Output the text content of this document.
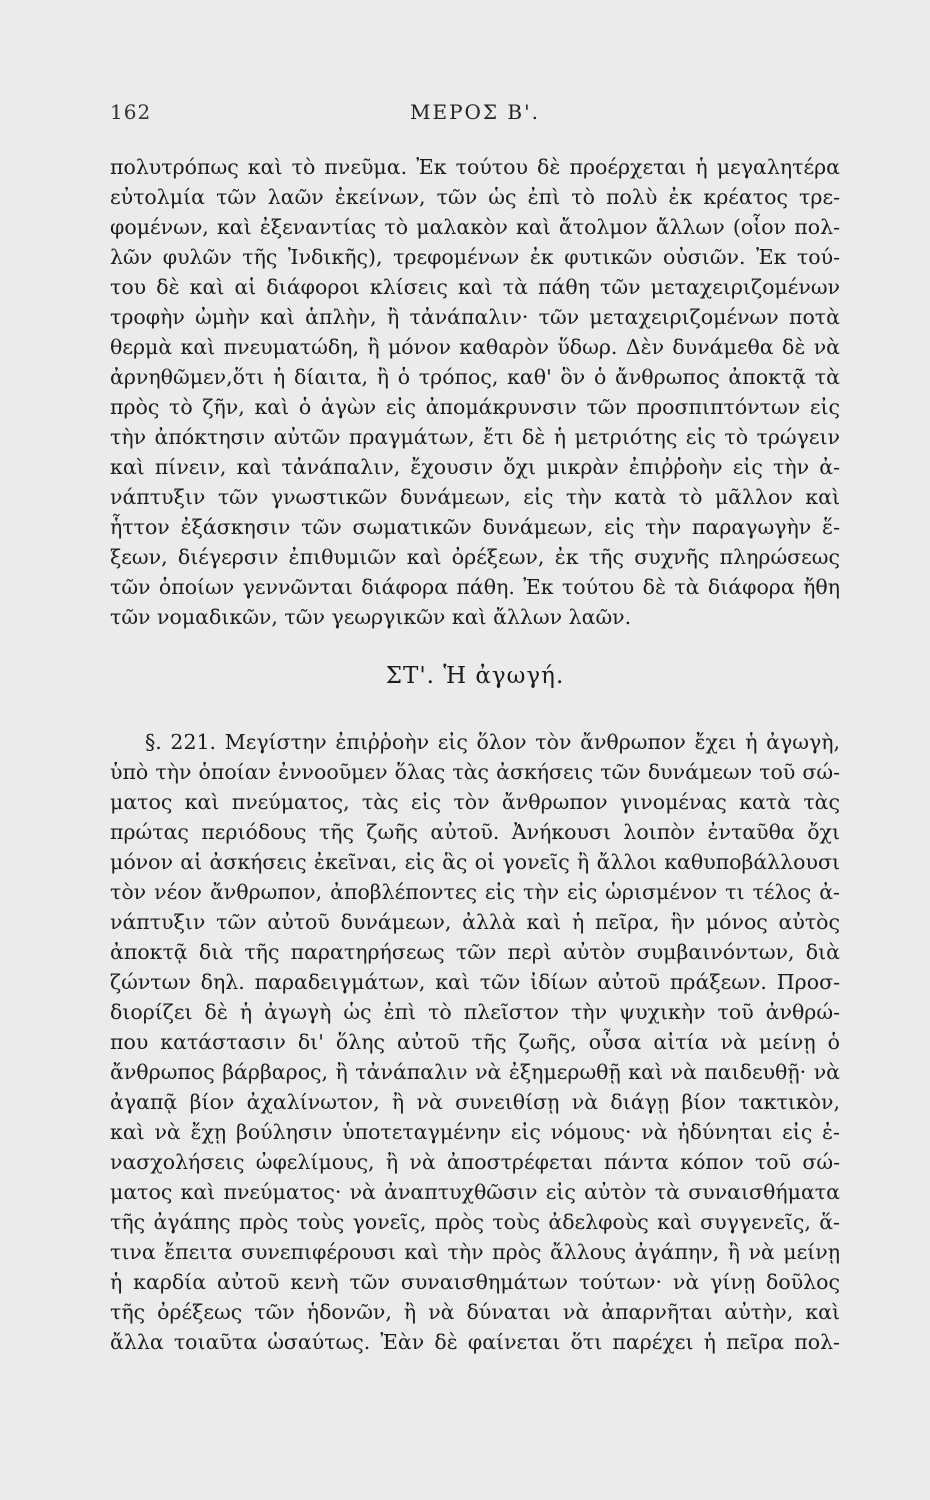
162	ΜΕΡΟΣ Β'.
πολυτρόπως καὶ τὸ πνεῦμα. Ἐκ τούτου δὲ προέρχεται ἡ μεγαλητέρα
εὐτολμία τῶν λαῶν ἐκείνων, τῶν ὡς ἐπὶ τὸ πολὺ ἐκ κρέατος τρε-
φομένων, καὶ ἐξεναντίας τὸ μαλακὸν καὶ ἄτολμον ἄλλων (οἷον πολ-
λῶν φυλῶν τῆς Ἰνδικῆς), τρεφομένων ἐκ φυτικῶν οὐσιῶν. Ἐκ τού-
του δὲ καὶ αἱ διάφοροι κλίσεις καὶ τὰ πάθη τῶν μεταχειριζομένων
τροφὴν ὠμὴν καὶ ἁπλὴν, ἢ τἀνάπαλιν· τῶν μεταχειριζομένων ποτὰ
θερμὰ καὶ πνευματώδη, ἢ μόνον καθαρὸν ὕδωρ. Δὲν δυνάμεθα δὲ νὰ
ἀρνηθῶμεν,ὅτι ἡ δίαιτα, ἢ ὁ τρόπος, καθ' ὃν ὁ ἄνθρωπος ἀποκτᾷ τὰ
πρὸς τὸ ζῆν, καὶ ὁ ἀγὼν εἰς ἀπομάκρυνσιν τῶν προσπιπτόντων εἰς
τὴν ἀπόκτησιν αὐτῶν πραγμάτων, ἔτι δὲ ἡ μετριότης εἰς τὸ τρώγειν
καὶ πίνειν, καὶ τἀνάπαλιν, ἔχουσιν ὄχι μικρὰν ἐπιῤῥοὴν εἰς τὴν ἀ-
νάπτυξιν τῶν γνωστικῶν δυνάμεων, εἰς τὴν κατὰ τὸ μᾶλλον καὶ
ἧττον ἐξάσκησιν τῶν σωματικῶν δυνάμεων, εἰς τὴν παραγωγὴν ἕ-
ξεων, διέγερσιν ἐπιθυμιῶν καὶ ὀρέξεων, ἐκ τῆς συχνῆς πληρώσεως
τῶν ὁποίων γεννῶνται διάφορα πάθη. Ἐκ τούτου δὲ τὰ διάφορα ἤθη
τῶν νομαδικῶν, τῶν γεωργικῶν καὶ ἄλλων λαῶν.
ΣΤ'. Ἡ ἀγωγή.
§. 221. Μεγίστην ἐπιῤῥοὴν εἰς ὅλον τὸν ἄνθρωπον ἔχει ἡ ἀγωγὴ,
ὑπὸ τὴν ὁποίαν ἐννοοῦμεν ὅλας τὰς ἀσκήσεις τῶν δυνάμεων τοῦ σώ-
ματος καὶ πνεύματος, τὰς εἰς τὸν ἄνθρωπον γινομένας κατὰ τὰς
πρώτας περιόδους τῆς ζωῆς αὐτοῦ. Ἀνήκουσι λοιπὸν ἐνταῦθα ὄχι
μόνον αἱ ἀσκήσεις ἐκεῖναι, εἰς ἃς οἱ γονεῖς ἢ ἄλλοι καθυποβάλλουσι
τὸν νέον ἄνθρωπον, ἀποβλέποντες εἰς τὴν εἰς ὡρισμένον τι τέλος ἀ-
νάπτυξιν τῶν αὐτοῦ δυνάμεων, ἀλλὰ καὶ ἡ πεῖρα, ἣν μόνος αὐτὸς
ἀποκτᾷ διὰ τῆς παρατηρήσεως τῶν περὶ αὐτὸν συμβαινόντων, διὰ
ζώντων δηλ. παραδειγμάτων, καὶ τῶν ἰδίων αὐτοῦ πράξεων. Προσ-
διορίζει δὲ ἡ ἀγωγὴ ὡς ἐπὶ τὸ πλεῖστον τὴν ψυχικὴν τοῦ ἀνθρώ-
που κατάστασιν δι' ὅλης αὐτοῦ τῆς ζωῆς, οὖσα αἰτία νὰ μείνῃ ὁ
ἄνθρωπος βάρβαρος, ἢ τἀνάπαλιν νὰ ἐξημερωθῇ καὶ νὰ παιδευθῇ· νὰ
ἀγαπᾷ βίον ἀχαλίνωτον, ἢ νὰ συνειθίσῃ νὰ διάγῃ βίον τακτικὸν,
καὶ νὰ ἔχῃ βούλησιν ὑποτεταγμένην εἰς νόμους· νὰ ἠδύνηται εἰς ἐ-
νασχολήσεις ὠφελίμους, ἢ νὰ ἀποστρέφεται πάντα κόπον τοῦ σώ-
ματος καὶ πνεύματος· νὰ ἀναπτυχθῶσιν εἰς αὐτὸν τὰ συναισθήματα
τῆς ἀγάπης πρὸς τοὺς γονεῖς, πρὸς τοὺς ἀδελφοὺς καὶ συγγενεῖς, ἅ-
τινα ἔπειτα συνεπιφέρουσι καὶ τὴν πρὸς ἄλλους ἀγάπην, ἢ νὰ μείνῃ
ἡ καρδία αὐτοῦ κενὴ τῶν συναισθημάτων τούτων· νὰ γίνῃ δοῦλος
τῆς ὀρέξεως τῶν ἡδονῶν, ἢ νὰ δύναται νὰ ἀπαρνῆται αὐτὴν, καὶ
ἄλλα τοιαῦτα ὡσαύτως. Ἐὰν δὲ φαίνεται ὅτι παρέχει ἡ πεῖρα πολ-
